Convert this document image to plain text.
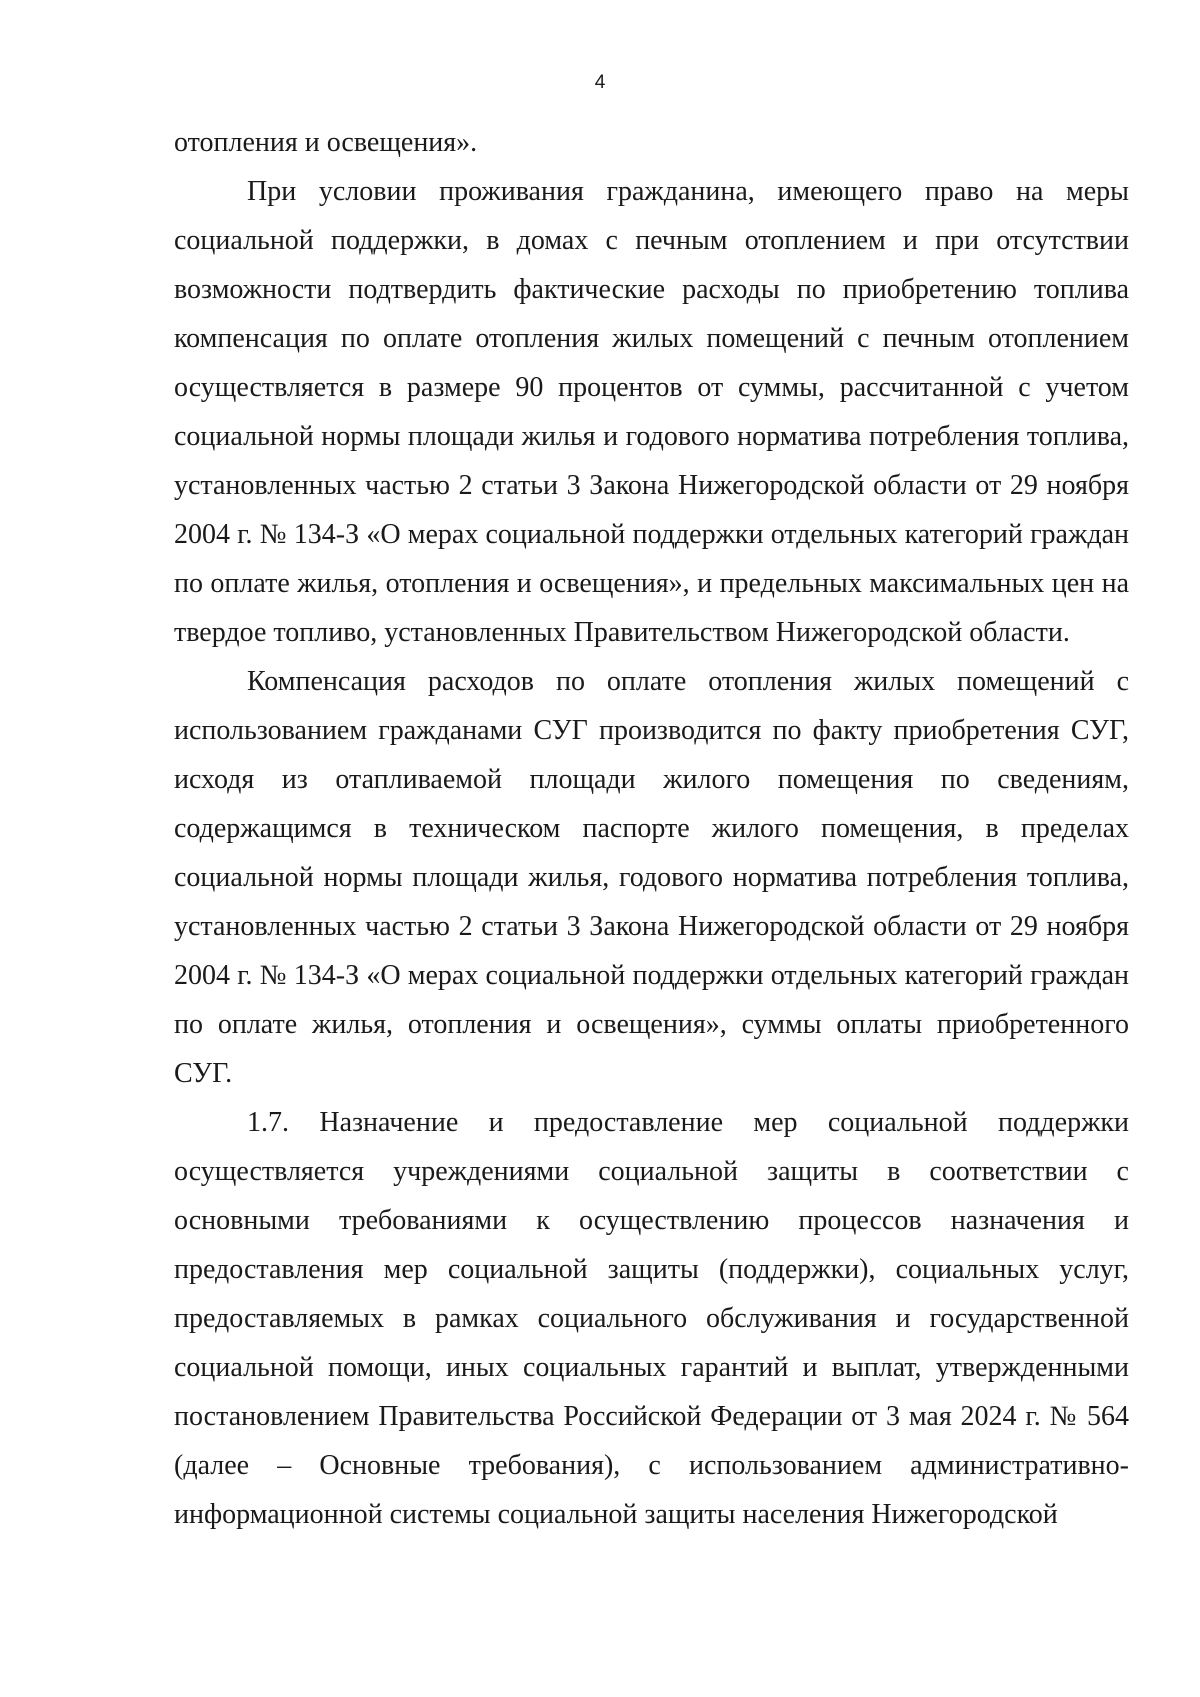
4

отопления и освещения».

При условии проживания гражданина, имеющего право на меры социальной поддержки, в домах с печным отоплением и при отсутствии возможности подтвердить фактические расходы по приобретению топлива компенсация по оплате отопления жилых помещений с печным отоплением осуществляется в размере 90 процентов от суммы, рассчитанной с учетом социальной нормы площади жилья и годового норматива потребления топлива, установленных частью 2 статьи 3 Закона Нижегородской области от 29 ноября 2004 г. № 134-З «О мерах социальной поддержки отдельных категорий граждан по оплате жилья, отопления и освещения», и предельных максимальных цен на твердое топливо, установленных Правительством Нижегородской области.

Компенсация расходов по оплате отопления жилых помещений с использованием гражданами СУГ производится по факту приобретения СУГ, исходя из отапливаемой площади жилого помещения по сведениям, содержащимся в техническом паспорте жилого помещения, в пределах социальной нормы площади жилья, годового норматива потребления топлива, установленных частью 2 статьи 3 Закона Нижегородской области от 29 ноября 2004 г. № 134-З «О мерах социальной поддержки отдельных категорий граждан по оплате жилья, отопления и освещения», суммы оплаты приобретенного СУГ.

1.7. Назначение и предоставление мер социальной поддержки осуществляется учреждениями социальной защиты в соответствии с основными требованиями к осуществлению процессов назначения и предоставления мер социальной защиты (поддержки), социальных услуг, предоставляемых в рамках социального обслуживания и государственной социальной помощи, иных социальных гарантий и выплат, утвержденными постановлением Правительства Российской Федерации от 3 мая 2024 г. № 564 (далее – Основные требования), с использованием административно-информационной системы социальной защиты населения Нижегородской
